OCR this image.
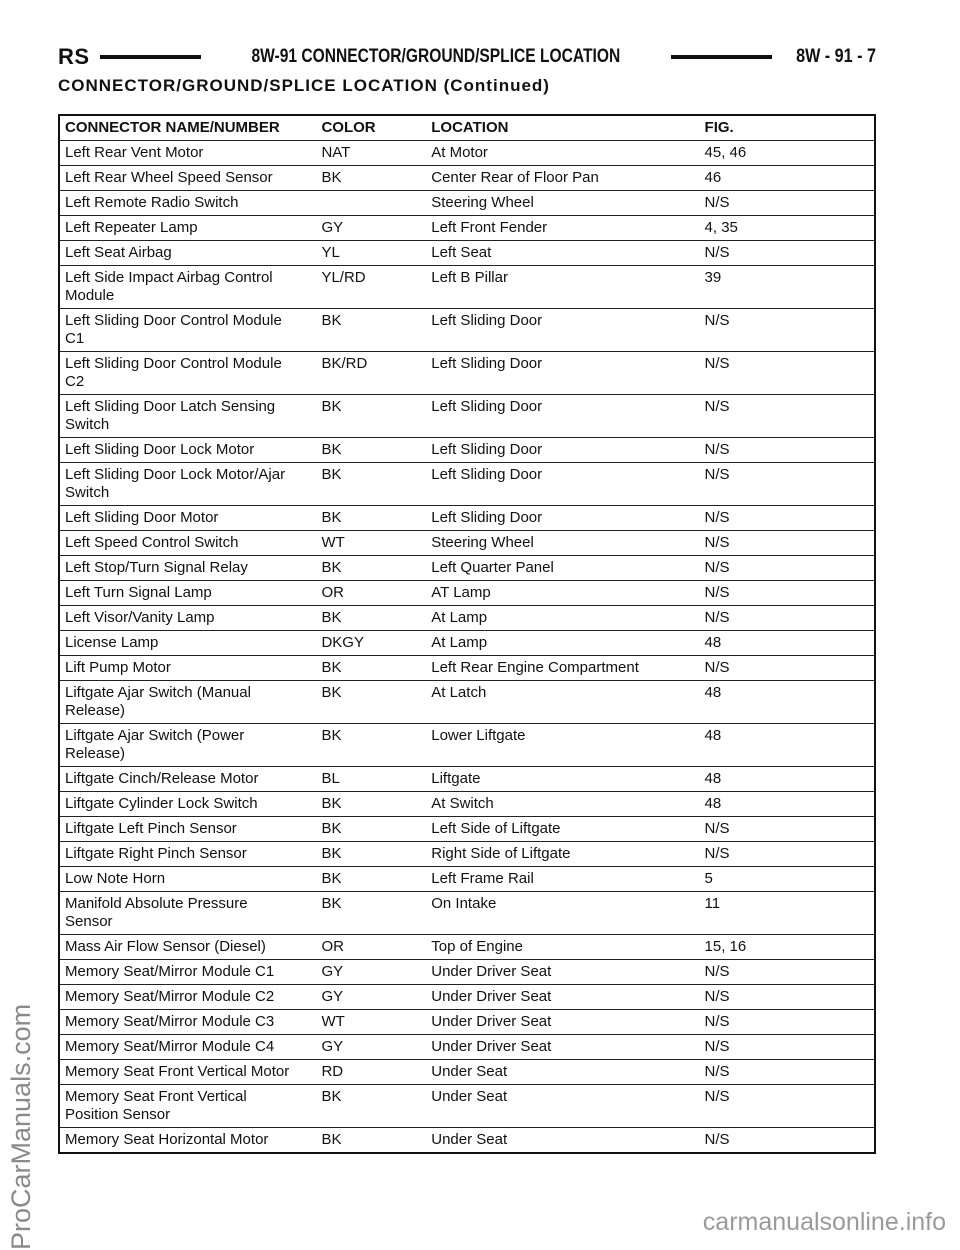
RS	8W-91 CONNECTOR/GROUND/SPLICE LOCATION	8W - 91 - 7
CONNECTOR/GROUND/SPLICE LOCATION (Continued)
CONNECTOR NAME/NUMBER	COLOR	LOCATION	FIG.
Left Rear Vent Motor	NAT	At Motor	45, 46
Left Rear Wheel Speed Sensor	BK	Center Rear of Floor Pan	46
Left Remote Radio Switch		Steering Wheel	N/S
Left Repeater Lamp	GY	Left Front Fender	4, 35
Left Seat Airbag	YL	Left Seat	N/S
Left Side Impact Airbag Control
Module	YL/RD	Left B Pillar	39
Left Sliding Door Control Module
C1	BK	Left Sliding Door	N/S
Left Sliding Door Control Module
C2	BK/RD	Left Sliding Door	N/S
Left Sliding Door Latch Sensing
Switch	BK	Left Sliding Door	N/S
Left Sliding Door Lock Motor	BK	Left Sliding Door	N/S
Left Sliding Door Lock Motor/Ajar
Switch	BK	Left Sliding Door	N/S
Left Sliding Door Motor	BK	Left Sliding Door	N/S
Left Speed Control Switch	WT	Steering Wheel	N/S
Left Stop/Turn Signal Relay	BK	Left Quarter Panel	N/S
Left Turn Signal Lamp	OR	AT Lamp	N/S
Left Visor/Vanity Lamp	BK	At Lamp	N/S
License Lamp	DKGY	At Lamp	48
Lift Pump Motor	BK	Left Rear Engine Compartment	N/S
Liftgate Ajar Switch (Manual
Release)	BK	At Latch	48
Liftgate Ajar Switch (Power
Release)	BK	Lower Liftgate	48
Liftgate Cinch/Release Motor	BL	Liftgate	48
Liftgate Cylinder Lock Switch	BK	At Switch	48
Liftgate Left Pinch Sensor	BK	Left Side of Liftgate	N/S
Liftgate Right Pinch Sensor	BK	Right Side of Liftgate	N/S
Low Note Horn	BK	Left Frame Rail	5
Manifold Absolute Pressure
Sensor	BK	On Intake	11
Mass Air Flow Sensor (Diesel)	OR	Top of Engine	15, 16
Memory Seat/Mirror Module C1	GY	Under Driver Seat	N/S
Memory Seat/Mirror Module C2	GY	Under Driver Seat	N/S
Memory Seat/Mirror Module C3	WT	Under Driver Seat	N/S
Memory Seat/Mirror Module C4	GY	Under Driver Seat	N/S
Memory Seat Front Vertical Motor	RD	Under Seat	N/S
Memory Seat Front Vertical
Position Sensor	BK	Under Seat	N/S
Memory Seat Horizontal Motor	BK	Under Seat	N/S
ProCarManuals.com	carmanualsonline.info
